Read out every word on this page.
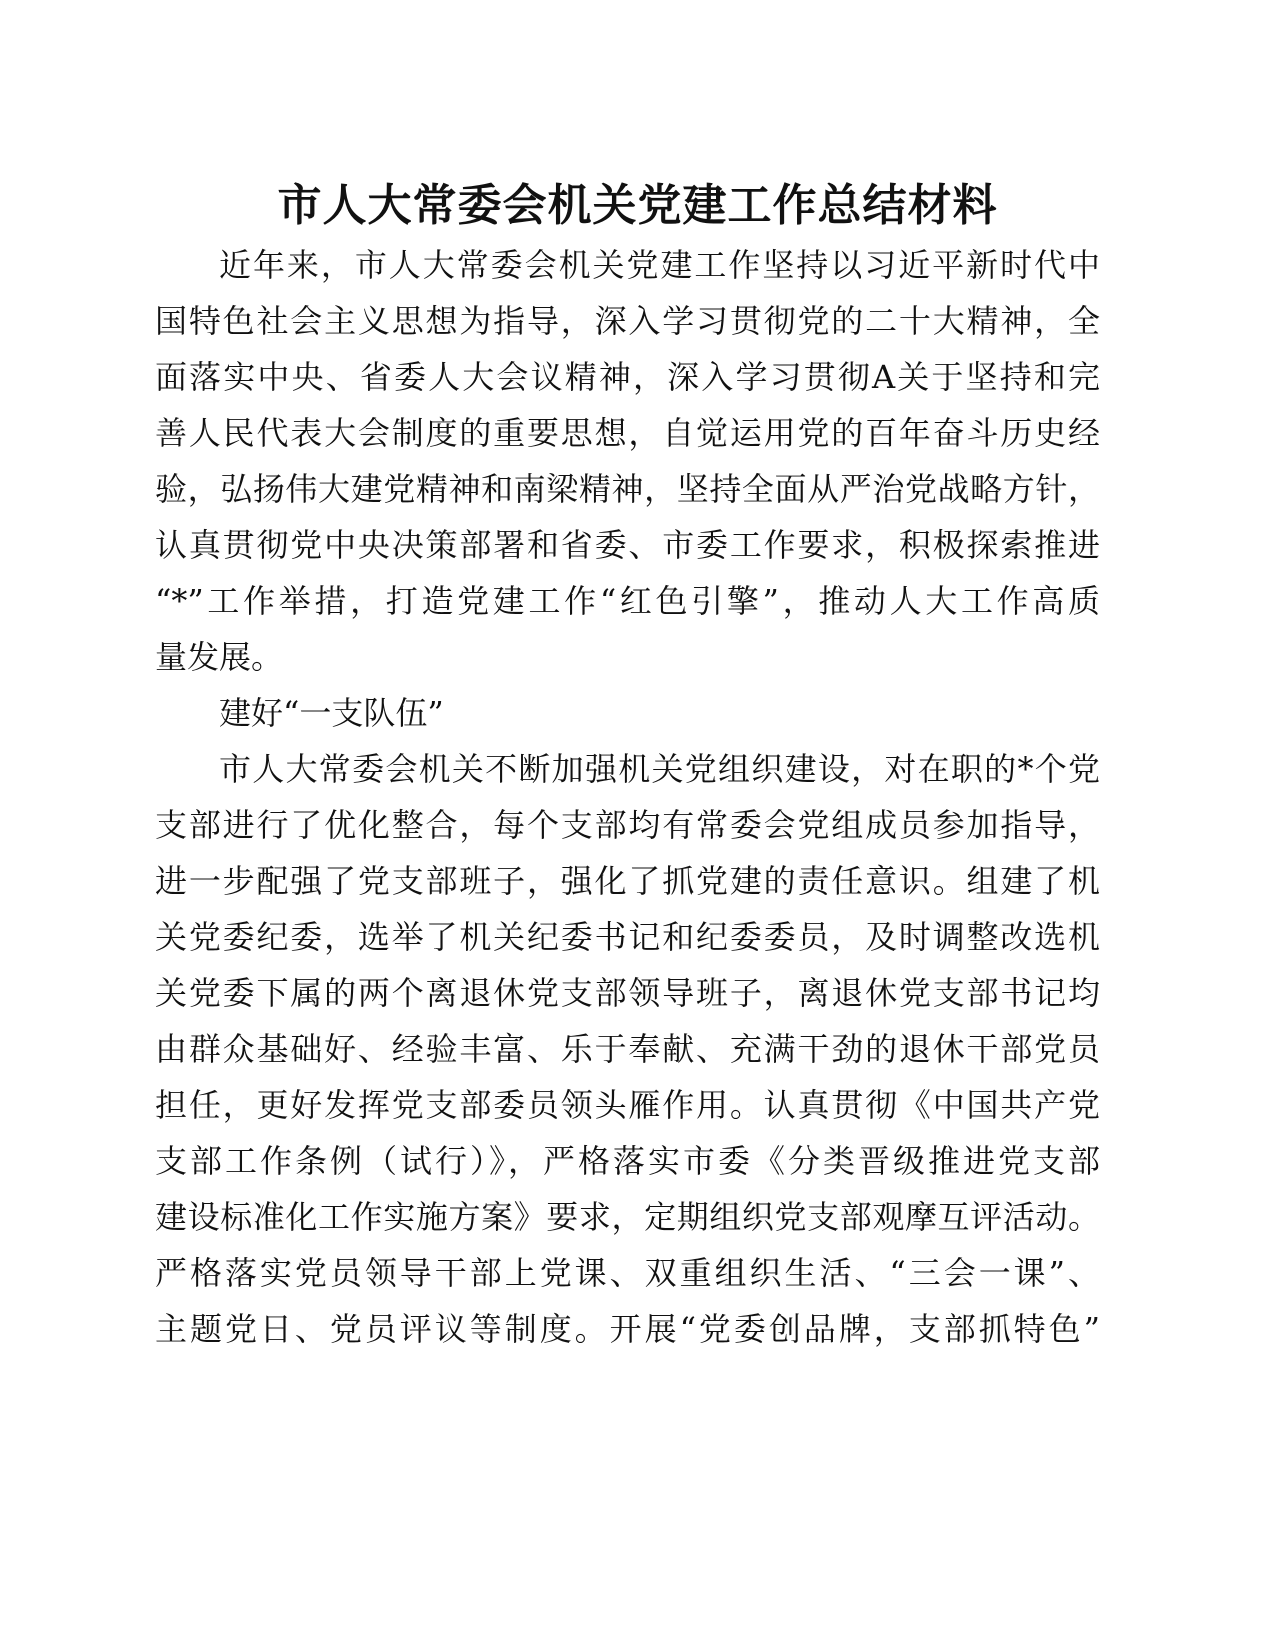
市人大常委会机关党建工作总结材料
近年来，市人大常委会机关党建工作坚持以习近平新时代中
国特色社会主义思想为指导，深入学习贯彻党的二十大精神，全
面落实中央、省委人大会议精神，深入学习贯彻A关于坚持和完
善人民代表大会制度的重要思想，自觉运用党的百年奋斗历史经
验，弘扬伟大建党精神和南梁精神，坚持全面从严治党战略方针，
认真贯彻党中央决策部署和省委、市委工作要求，积极探索推进
“*”工作举措，打造党建工作“红色引擎”，推动人大工作高质
量发展。
建好“一支队伍”
市人大常委会机关不断加强机关党组织建设，对在职的*个党
支部进行了优化整合，每个支部均有常委会党组成员参加指导，
进一步配强了党支部班子，强化了抓党建的责任意识。组建了机
关党委纪委，选举了机关纪委书记和纪委委员，及时调整改选机
关党委下属的两个离退休党支部领导班子，离退休党支部书记均
由群众基础好、经验丰富、乐于奉献、充满干劲的退休干部党员
担任，更好发挥党支部委员领头雁作用。认真贯彻《中国共产党
支部工作条例（试行）》，严格落实市委《分类晋级推进党支部
建设标准化工作实施方案》要求，定期组织党支部观摩互评活动。
严格落实党员领导干部上党课、双重组织生活、“三会一课”、
主题党日、党员评议等制度。开展“党委创品牌，支部抓特色”
